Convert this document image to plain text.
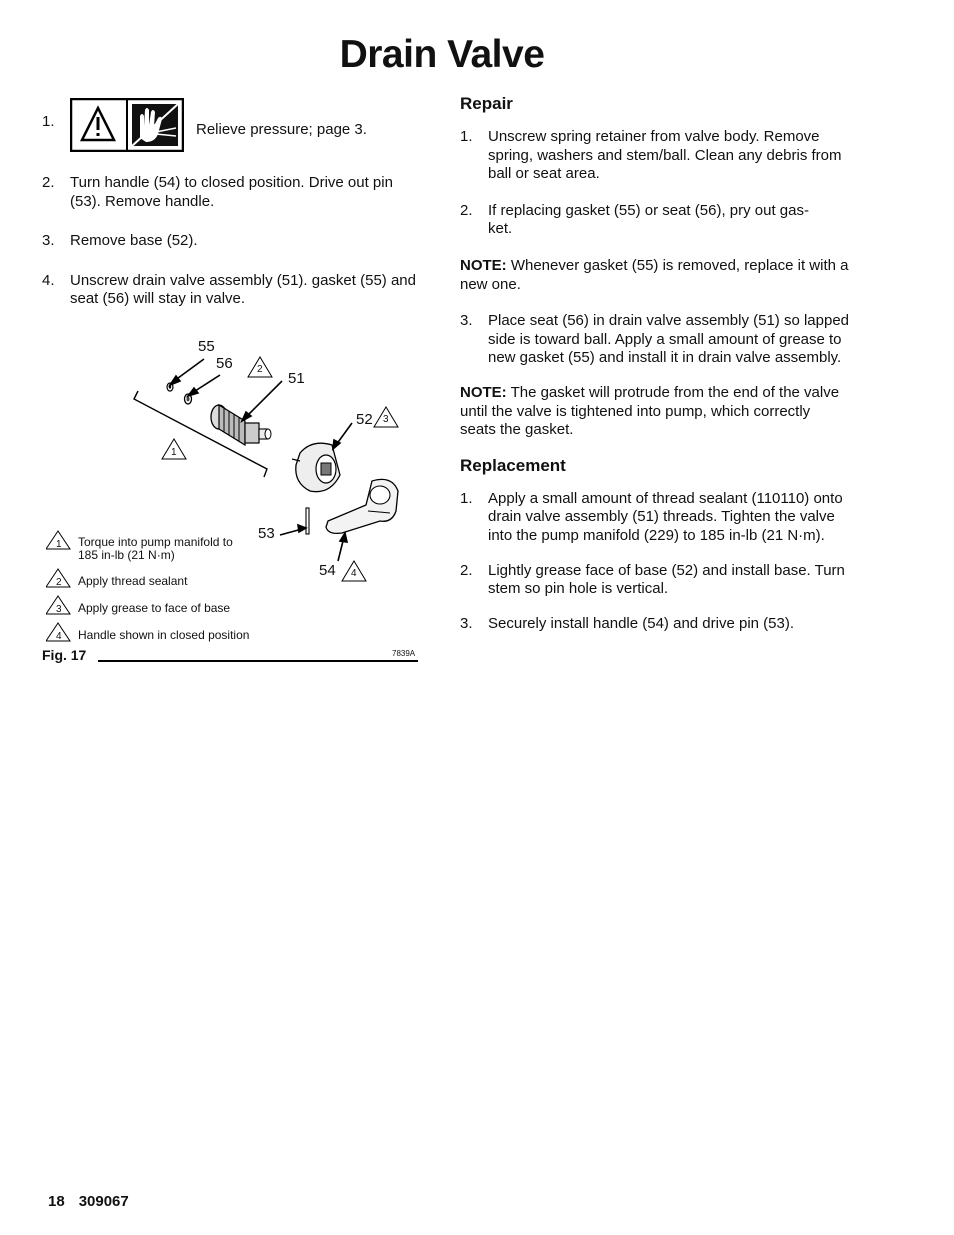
Drain Valve
1.	Relieve pressure; page 3.
2.	Turn handle (54) to closed position. Drive out pin (53). Remove handle.
3.	Remove base (52).
4.	Unscrew drain valve assembly (51). gasket (55) and seat (56) will stay in valve.
55
56
51
52
53
54
2
1
3
4
1
2
3
4
Torque into pump manifold to 185 in-lb (21 N·m)
Apply thread sealant
Apply grease to face of base
Handle shown in closed position
Fig. 17	7839A
Repair
1.	Unscrew spring retainer from valve body. Remove spring, washers and stem/ball. Clean any debris from ball or seat area.
2.	If replacing gasket (55) or seat (56), pry out gas- ket.
NOTE: Whenever gasket (55) is removed, replace it with a new one.
3.	Place seat (56) in drain valve assembly (51) so lapped side is toward ball. Apply a small amount of grease to new gasket (55) and install it in drain valve assembly.
NOTE: The gasket will protrude from the end of the valve until the valve is tightened into pump, which correctly seats the gasket.
Replacement
1.	Apply a small amount of thread sealant (110110) onto drain valve assembly (51) threads. Tighten the valve into the pump manifold (229) to 185 in-lb (21 N·m).
2.	Lightly grease face of base (52) and install base. Turn stem so pin hole is vertical.
3.	Securely install handle (54) and drive pin (53).
18 309067
